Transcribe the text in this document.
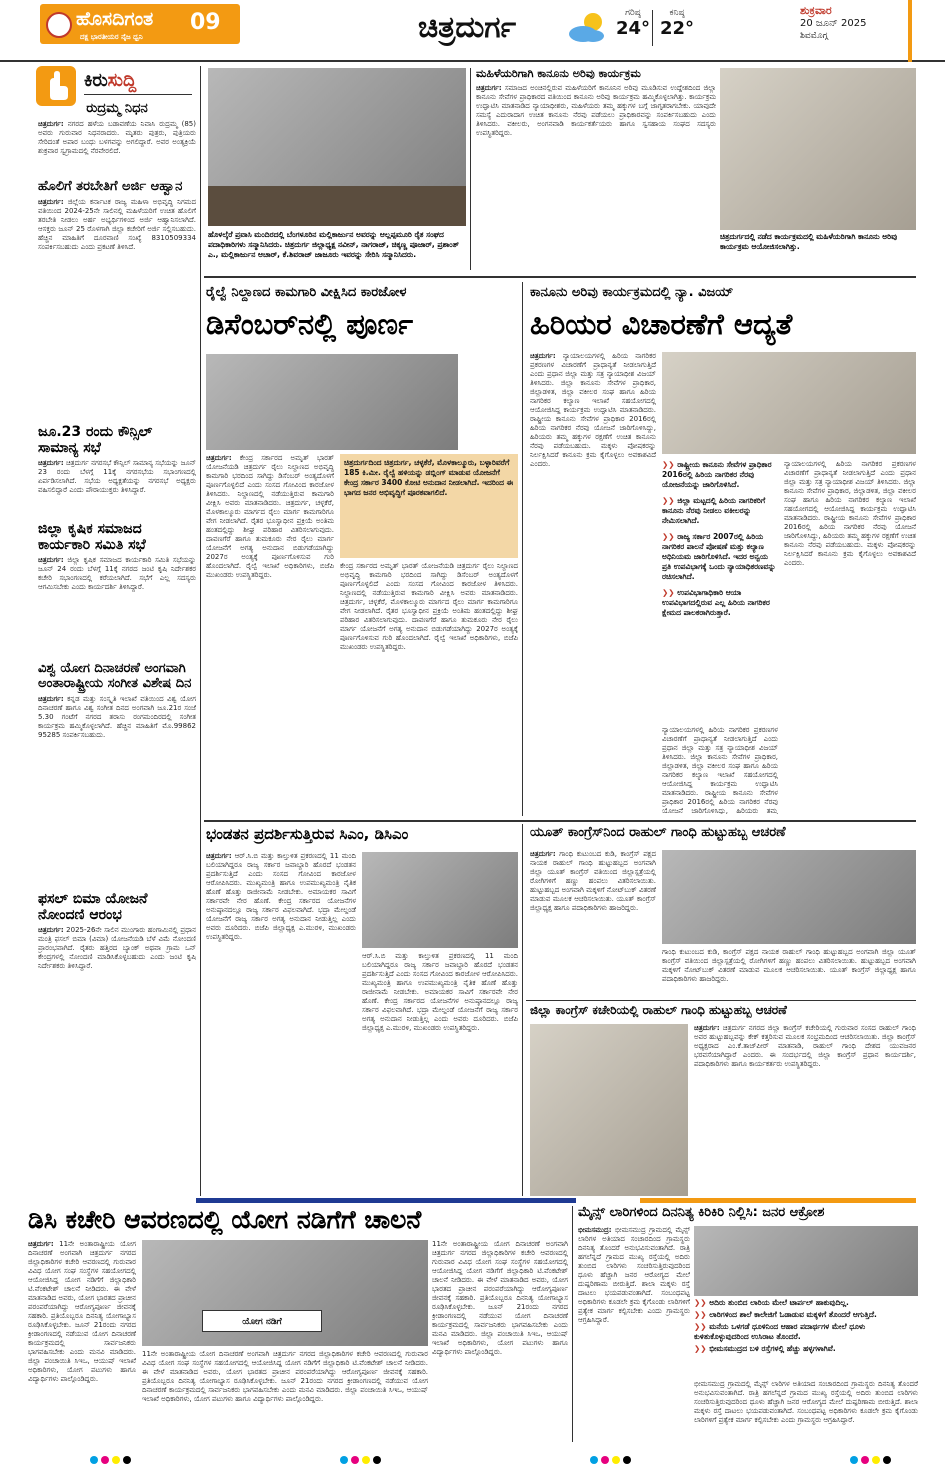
ಹೊಸದಿಗಂತ
ದಕ್ಷ ಭಾರತೀಯರ ನೈಜ ಧ್ವನಿ
09	ಚಿತ್ರದುರ್ಗ	ಗರಿಷ್ಠ
24°
ಕನಿಷ್ಠ
22°
ಶುಕ್ರವಾರ
20 ಜೂನ್ 2025
ಶಿವಮೊಗ್ಗ
ಕಿರುಸುದ್ದಿ
ರುದ್ರಮ್ಮ ನಿಧನ
ಚಿತ್ರದುರ್ಗ: ನಗರದ ಹಳೆಯ ಬಡಾವಣೆಯ ನಿವಾಸಿ ರುದ್ರಮ್ಮ (85) ಅವರು ಗುರುವಾರ ನಿಧನರಾದರು. ಮೃತರು ಪುತ್ರರು, ಪುತ್ರಿಯರು ಸೇರಿದಂತೆ ಅಪಾರ ಬಂಧು ಬಳಗವನ್ನು ಅಗಲಿದ್ದಾರೆ. ಅವರ ಅಂತ್ಯಕ್ರಿಯೆ ಶುಕ್ರವಾರ ಸ್ವಗ್ರಾಮದಲ್ಲಿ ನೆರವೇರಲಿದೆ.
ಹೊಲಿಗೆ ತರಬೇತಿಗೆ ಅರ್ಜಿ ಆಹ್ವಾನ
ಚಿತ್ರದುರ್ಗ: ಜಿಲ್ಲೆಯ ಕರ್ನಾಟಕ ರಾಜ್ಯ ಮಹಿಳಾ ಅಭಿವೃದ್ಧಿ ನಿಗಮದ ವತಿಯಿಂದ 2024-25ನೇ ಸಾಲಿನಲ್ಲಿ ಮಹಿಳೆಯರಿಗೆ ಉಚಿತ ಹೊಲಿಗೆ ತರಬೇತಿ ನೀಡಲು ಅರ್ಹ ಅಭ್ಯರ್ಥಿಗಳಿಂದ ಅರ್ಜಿ ಆಹ್ವಾನಿಸಲಾಗಿದೆ. ಆಸಕ್ತರು ಜೂನ್ 25 ರೊಳಗಾಗಿ ಜಿಲ್ಲಾ ಕಚೇರಿಗೆ ಅರ್ಜಿ ಸಲ್ಲಿಸಬಹುದು. ಹೆಚ್ಚಿನ ಮಾಹಿತಿಗೆ ದೂರವಾಣಿ ಸಂಖ್ಯೆ 8310509334 ಸಂಪರ್ಕಿಸಬಹುದು ಎಂದು ಪ್ರಕಟಣೆ ತಿಳಿಸಿದೆ.
ಜೂ.23 ರಂದು ಕೌನ್ಸಿಲ್ ಸಾಮಾನ್ಯ ಸಭೆ
ಚಿತ್ರದುರ್ಗ: ಚಿತ್ರದುರ್ಗ ನಗರಸಭೆ ಕೌನ್ಸಿಲ್ ಸಾಮಾನ್ಯ ಸಭೆಯನ್ನು ಜೂನ್ 23 ರಂದು ಬೆಳಗ್ಗೆ 11ಕ್ಕೆ ನಗರಸಭೆಯ ಸಭಾಂಗಣದಲ್ಲಿ ಏರ್ಪಡಿಸಲಾಗಿದೆ. ಸಭೆಯ ಅಧ್ಯಕ್ಷತೆಯನ್ನು ನಗರಸಭೆ ಅಧ್ಯಕ್ಷರು ವಹಿಸಲಿದ್ದಾರೆ ಎಂದು ಪೌರಾಯುಕ್ತರು ತಿಳಿಸಿದ್ದಾರೆ.
ಜಿಲ್ಲಾ ಕೃಷಿಕ ಸಮಾಜದ ಕಾರ್ಯಕಾರಿ ಸಮಿತಿ ಸಭೆ
ಚಿತ್ರದುರ್ಗ: ಜಿಲ್ಲಾ ಕೃಷಿಕ ಸಮಾಜದ ಕಾರ್ಯಕಾರಿ ಸಮಿತಿ ಸಭೆಯನ್ನು ಜೂನ್ 24 ರಂದು ಬೆಳಗ್ಗೆ 11ಕ್ಕೆ ನಗರದ ಜಂಟಿ ಕೃಷಿ ನಿರ್ದೇಶಕರ ಕಚೇರಿ ಸಭಾಂಗಣದಲ್ಲಿ ಕರೆಯಲಾಗಿದೆ. ಸಭೆಗೆ ಎಲ್ಲ ಸದಸ್ಯರು ಆಗಮಿಸಬೇಕು ಎಂದು ಕಾರ್ಯದರ್ಶಿ ತಿಳಿಸಿದ್ದಾರೆ.
ವಿಶ್ವ ಯೋಗ ದಿನಾಚರಣೆ ಅಂಗವಾಗಿ ಅಂತಾರಾಷ್ಟ್ರೀಯ ಸಂಗೀತ ವಿಶೇಷ ದಿನ
ಚಿತ್ರದುರ್ಗ: ಕನ್ನಡ ಮತ್ತು ಸಂಸ್ಕೃತಿ ಇಲಾಖೆ ವತಿಯಿಂದ ವಿಶ್ವ ಯೋಗ ದಿನಾಚರಣೆ ಹಾಗೂ ವಿಶ್ವ ಸಂಗೀತ ದಿನದ ಅಂಗವಾಗಿ ಜೂ.21ರ ಸಂಜೆ 5.30 ಗಂಟೆಗೆ ನಗರದ ತರಾಸು ರಂಗಮಂದಿರದಲ್ಲಿ ಸಂಗೀತ ಕಾರ್ಯಕ್ರಮ ಹಮ್ಮಿಕೊಳ್ಳಲಾಗಿದೆ. ಹೆಚ್ಚಿನ ಮಾಹಿತಿಗೆ ಮೊ.99862 95285 ಸಂಪರ್ಕಿಸಬಹುದು.
ಫಸಲ್ ಬಿಮಾ ಯೋಜನೆ ನೋಂದಣಿ ಆರಂಭ
ಚಿತ್ರದುರ್ಗ: 2025-26ನೇ ಸಾಲಿನ ಮುಂಗಾರು ಹಂಗಾಮಿನಲ್ಲಿ ಪ್ರಧಾನ ಮಂತ್ರಿ ಫಸಲ್ ಬಿಮಾ (ವಿಮಾ) ಯೋಜನೆಯಡಿ ಬೆಳೆ ವಿಮೆ ನೋಂದಣಿ ಪ್ರಾರಂಭವಾಗಿದೆ. ರೈತರು ಹತ್ತಿರದ ಬ್ಯಾಂಕ್ ಅಥವಾ ಗ್ರಾಮ ಒನ್ ಕೇಂದ್ರಗಳಲ್ಲಿ ನೋಂದಣಿ ಮಾಡಿಸಿಕೊಳ್ಳಬಹುದು ಎಂದು ಜಂಟಿ ಕೃಷಿ ನಿರ್ದೇಶಕರು ತಿಳಿಸಿದ್ದಾರೆ.
ಹೊಳಲ್ಕೆರೆ ಪ್ರವಾಸಿ ಮಂದಿರದಲ್ಲಿ ಬೆಂಗಳೂರಿನ ಮಲ್ಲಿಕಾರ್ಜುನ ಅವರನ್ನು ಆಲ್ಲಪ್ಪಮೂರಿ ರೈತ ಸಂಘದ ಪದಾಧಿಕಾರಿಗಳು ಸನ್ಮಾನಿಸಿದರು. ಚಿತ್ರದುರ್ಗ ಜಿಲ್ಲಾಧ್ಯಕ್ಷ ನವೀನ್, ನಾಗರಾಜ್, ಚಿಕ್ಕಣ್ಣ ಪೂಜಾರ್, ಪ್ರಶಾಂತ್ ಎ., ಮಲ್ಲಿಕಾರ್ಜುನ ಆಚಾರ್, ಕೆ.ಶಿವರಾಜ್ ಜಾಜೂರು ಇವರನ್ನು ಸೇರಿಸಿ ಸನ್ಮಾನಿಸಿದರು.
ಮಹಿಳೆಯರಿಗಾಗಿ ಕಾನೂನು ಅರಿವು ಕಾರ್ಯಕ್ರಮ
ಚಿತ್ರದುರ್ಗ: ಸಮಾಜದ ಅಂಚಿನಲ್ಲಿರುವ ಮಹಿಳೆಯರಿಗೆ ಕಾನೂನಿನ ಅರಿವು ಮೂಡಿಸುವ ಉದ್ದೇಶದಿಂದ ಜಿಲ್ಲಾ ಕಾನೂನು ಸೇವೆಗಳ ಪ್ರಾಧಿಕಾರದ ವತಿಯಿಂದ ಕಾನೂನು ಅರಿವು ಕಾರ್ಯಕ್ರಮ ಹಮ್ಮಿಕೊಳ್ಳಲಾಗಿತ್ತು. ಕಾರ್ಯಕ್ರಮ ಉದ್ಘಾಟಿಸಿ ಮಾತನಾಡಿದ ನ್ಯಾಯಾಧೀಶರು, ಮಹಿಳೆಯರು ತಮ್ಮ ಹಕ್ಕುಗಳ ಬಗ್ಗೆ ಜಾಗೃತರಾಗಬೇಕು. ಯಾವುದೇ ಸಮಸ್ಯೆ ಎದುರಾದಾಗ ಉಚಿತ ಕಾನೂನು ನೆರವು ಪಡೆಯಲು ಪ್ರಾಧಿಕಾರವನ್ನು ಸಂಪರ್ಕಿಸಬಹುದು ಎಂದು ತಿಳಿಸಿದರು. ವಕೀಲರು, ಅಂಗನವಾಡಿ ಕಾರ್ಯಕರ್ತೆಯರು ಹಾಗೂ ಸ್ವಸಹಾಯ ಸಂಘದ ಸದಸ್ಯರು ಉಪಸ್ಥಿತರಿದ್ದರು.
ಚಿತ್ರದುರ್ಗದಲ್ಲಿ ನಡೆದ ಕಾರ್ಯಕ್ರಮದಲ್ಲಿ ಮಹಿಳೆಯರಿಗಾಗಿ ಕಾನೂನು ಅರಿವು ಕಾರ್ಯಕ್ರಮ ಆಯೋಜಿಸಲಾಗಿತ್ತು.
ರೈಲ್ವೆ ನಿಲ್ದಾಣದ ಕಾಮಗಾರಿ ವೀಕ್ಷಿಸಿದ ಕಾರಜೋಳ
ಡಿಸೆಂಬರ್‌ನಲ್ಲಿ ಪೂರ್ಣ
ಚಿತ್ರದುರ್ಗದಿಂದ ಚಿತ್ರದುರ್ಗ, ಚಳ್ಳಕೆರೆ, ಮೊಳಕಾಲ್ಮೂರು, ಬಳ್ಳಾರಿವರೆಗೆ 185 ಕಿ.ಮೀ. ರೈಲ್ವೆ ಹಳಿಯನ್ನು ಡಬ್ಲಿಂಗ್ ಮಾಡುವ ಯೋಜನೆಗೆ ಕೇಂದ್ರ ಸರ್ಕಾರ 3400 ಕೋಟಿ ಅನುದಾನ ನೀಡಲಾಗಿದೆ. ಇದರಿಂದ ಈ ಭಾಗದ ಜನರ ಅಭಿವೃದ್ಧಿಗೆ ಪೂರಕವಾಗಲಿದೆ.
ಚಿತ್ರದುರ್ಗ: ಕೇಂದ್ರ ಸರ್ಕಾರದ ಅಮೃತ್ ಭಾರತ್ ಯೋಜನೆಯಡಿ ಚಿತ್ರದುರ್ಗ ರೈಲು ನಿಲ್ದಾಣದ ಅಭಿವೃದ್ಧಿ ಕಾಮಗಾರಿ ಭರದಿಂದ ಸಾಗಿದ್ದು ಡಿಸೆಂಬರ್ ಅಂತ್ಯದೊಳಗೆ ಪೂರ್ಣಗೊಳ್ಳಲಿದೆ ಎಂದು ಸಂಸದ ಗೋವಿಂದ ಕಾರಜೋಳ ತಿಳಿಸಿದರು. ನಿಲ್ದಾಣದಲ್ಲಿ ನಡೆಯುತ್ತಿರುವ ಕಾಮಗಾರಿ ವೀಕ್ಷಿಸಿ ಅವರು ಮಾತನಾಡಿದರು. ಚಿತ್ರದುರ್ಗ, ಚಳ್ಳಕೆರೆ, ಮೊಳಕಾಲ್ಮೂರು ಮಾರ್ಗದ ರೈಲು ಮಾರ್ಗ ಕಾಮಗಾರಿಗೂ ವೇಗ ನೀಡಲಾಗಿದೆ. ರೈತರ ಭೂಸ್ವಾಧೀನ ಪ್ರಕ್ರಿಯೆ ಅಂತಿಮ ಹಂತದಲ್ಲಿದ್ದು ಶೀಘ್ರ ಪರಿಹಾರ ವಿತರಿಸಲಾಗುವುದು. ದಾವಣಗೆರೆ ಹಾಗೂ ತುಮಕೂರು ನೇರ ರೈಲು ಮಾರ್ಗ ಯೋಜನೆಗೆ ಅಗತ್ಯ ಅನುದಾನ ಬಿಡುಗಡೆಯಾಗಿದ್ದು 2027ರ ಅಂತ್ಯಕ್ಕೆ ಪೂರ್ಣಗೊಳಿಸುವ ಗುರಿ ಹೊಂದಲಾಗಿದೆ. ರೈಲ್ವೆ ಇಲಾಖೆ ಅಧಿಕಾರಿಗಳು, ಬಿಜೆಪಿ ಮುಖಂಡರು ಉಪಸ್ಥಿತರಿದ್ದರು.
ಕೇಂದ್ರ ಸರ್ಕಾರದ ಅಮೃತ್ ಭಾರತ್ ಯೋಜನೆಯಡಿ ಚಿತ್ರದುರ್ಗ ರೈಲು ನಿಲ್ದಾಣದ ಅಭಿವೃದ್ಧಿ ಕಾಮಗಾರಿ ಭರದಿಂದ ಸಾಗಿದ್ದು ಡಿಸೆಂಬರ್ ಅಂತ್ಯದೊಳಗೆ ಪೂರ್ಣಗೊಳ್ಳಲಿದೆ ಎಂದು ಸಂಸದ ಗೋವಿಂದ ಕಾರಜೋಳ ತಿಳಿಸಿದರು. ನಿಲ್ದಾಣದಲ್ಲಿ ನಡೆಯುತ್ತಿರುವ ಕಾಮಗಾರಿ ವೀಕ್ಷಿಸಿ ಅವರು ಮಾತನಾಡಿದರು. ಚಿತ್ರದುರ್ಗ, ಚಳ್ಳಕೆರೆ, ಮೊಳಕಾಲ್ಮೂರು ಮಾರ್ಗದ ರೈಲು ಮಾರ್ಗ ಕಾಮಗಾರಿಗೂ ವೇಗ ನೀಡಲಾಗಿದೆ. ರೈತರ ಭೂಸ್ವಾಧೀನ ಪ್ರಕ್ರಿಯೆ ಅಂತಿಮ ಹಂತದಲ್ಲಿದ್ದು ಶೀಘ್ರ ಪರಿಹಾರ ವಿತರಿಸಲಾಗುವುದು. ದಾವಣಗೆರೆ ಹಾಗೂ ತುಮಕೂರು ನೇರ ರೈಲು ಮಾರ್ಗ ಯೋಜನೆಗೆ ಅಗತ್ಯ ಅನುದಾನ ಬಿಡುಗಡೆಯಾಗಿದ್ದು 2027ರ ಅಂತ್ಯಕ್ಕೆ ಪೂರ್ಣಗೊಳಿಸುವ ಗುರಿ ಹೊಂದಲಾಗಿದೆ. ರೈಲ್ವೆ ಇಲಾಖೆ ಅಧಿಕಾರಿಗಳು, ಬಿಜೆಪಿ ಮುಖಂಡರು ಉಪಸ್ಥಿತರಿದ್ದರು.
ಕಾನೂನು ಅರಿವು ಕಾರ್ಯಕ್ರಮದಲ್ಲಿ ನ್ಯಾ. ವಿಜಯ್
ಹಿರಿಯರ ವಿಚಾರಣೆಗೆ ಆದ್ಯತೆ
ಚಿತ್ರದುರ್ಗ: ನ್ಯಾಯಾಲಯಗಳಲ್ಲಿ ಹಿರಿಯ ನಾಗರಿಕರ ಪ್ರಕರಣಗಳ ವಿಚಾರಣೆಗೆ ಪ್ರಾಧಾನ್ಯತೆ ನೀಡಲಾಗುತ್ತಿದೆ ಎಂದು ಪ್ರಧಾನ ಜಿಲ್ಲಾ ಮತ್ತು ಸತ್ರ ನ್ಯಾಯಾಧೀಶ ವಿಜಯ್ ತಿಳಿಸಿದರು. ಜಿಲ್ಲಾ ಕಾನೂನು ಸೇವೆಗಳ ಪ್ರಾಧಿಕಾರ, ಜಿಲ್ಲಾಡಳಿತ, ಜಿಲ್ಲಾ ವಕೀಲರ ಸಂಘ ಹಾಗೂ ಹಿರಿಯ ನಾಗರಿಕರ ಕಲ್ಯಾಣ ಇಲಾಖೆ ಸಹಯೋಗದಲ್ಲಿ ಆಯೋಜಿಸಿದ್ದ ಕಾರ್ಯಕ್ರಮ ಉದ್ಘಾಟಿಸಿ ಮಾತನಾಡಿದರು. ರಾಷ್ಟ್ರೀಯ ಕಾನೂನು ಸೇವೆಗಳ ಪ್ರಾಧಿಕಾರ 2016ರಲ್ಲಿ ಹಿರಿಯ ನಾಗರಿಕರ ನೆರವು ಯೋಜನೆ ಜಾರಿಗೊಳಿಸಿದ್ದು, ಹಿರಿಯರು ತಮ್ಮ ಹಕ್ಕುಗಳ ರಕ್ಷಣೆಗೆ ಉಚಿತ ಕಾನೂನು ನೆರವು ಪಡೆಯಬಹುದು. ಮಕ್ಕಳು ಪೋಷಕರನ್ನು ನಿರ್ಲಕ್ಷಿಸಿದರೆ ಕಾನೂನು ಕ್ರಮ ಕೈಗೊಳ್ಳಲು ಅವಕಾಶವಿದೆ ಎಂದರು.
❯❯	ರಾಷ್ಟ್ರೀಯ ಕಾನೂನು ಸೇವೆಗಳ ಪ್ರಾಧಿಕಾರ 2016ರಲ್ಲಿ ಹಿರಿಯ ನಾಗರಿಕರ ನೆರವು ಯೋಜನೆಯನ್ನು ಜಾರಿಗೊಳಿಸಿದೆ.
❯❯ ಜಿಲ್ಲಾ ಮಟ್ಟದಲ್ಲಿ ಹಿರಿಯ ನಾಗರಿಕರಿಗೆ ಕಾನೂನು ನೆರವು ನೀಡಲು ವಕೀಲರನ್ನು ನೇಮಿಸಲಾಗಿದೆ.
❯❯ ರಾಜ್ಯ ಸರ್ಕಾರ 2007ರಲ್ಲಿ ಹಿರಿಯ ನಾಗರಿಕರ ಪಾಲನೆ ಪೋಷಣೆ ಮತ್ತು ಕಲ್ಯಾಣ ಅಧಿನಿಯಮ ಜಾರಿಗೊಳಿಸಿದೆ. ಇದರ ಅನ್ವಯ ಪ್ರತಿ ಉಪವಿಭಾಗಕ್ಕೆ ಒಂದು ನ್ಯಾಯಾಧಿಕರಣವನ್ನು ರಚಿಸಲಾಗಿದೆ.
❯❯ ಉಪವಿಭಾಗಾಧಿಕಾರಿ ಆಯಾ ಉಪವಿಭಾಗದಲ್ಲಿರುವ ಎಲ್ಲ ಹಿರಿಯ ನಾಗರಿಕರ ಕ್ಷೇಮದ ಪಾಲಕರಾಗಿರುತ್ತಾರೆ.
ನ್ಯಾಯಾಲಯಗಳಲ್ಲಿ ಹಿರಿಯ ನಾಗರಿಕರ ಪ್ರಕರಣಗಳ ವಿಚಾರಣೆಗೆ ಪ್ರಾಧಾನ್ಯತೆ ನೀಡಲಾಗುತ್ತಿದೆ ಎಂದು ಪ್ರಧಾನ ಜಿಲ್ಲಾ ಮತ್ತು ಸತ್ರ ನ್ಯಾಯಾಧೀಶ ವಿಜಯ್ ತಿಳಿಸಿದರು. ಜಿಲ್ಲಾ ಕಾನೂನು ಸೇವೆಗಳ ಪ್ರಾಧಿಕಾರ, ಜಿಲ್ಲಾಡಳಿತ, ಜಿಲ್ಲಾ ವಕೀಲರ ಸಂಘ ಹಾಗೂ ಹಿರಿಯ ನಾಗರಿಕರ ಕಲ್ಯಾಣ ಇಲಾಖೆ ಸಹಯೋಗದಲ್ಲಿ ಆಯೋಜಿಸಿದ್ದ ಕಾರ್ಯಕ್ರಮ ಉದ್ಘಾಟಿಸಿ ಮಾತನಾಡಿದರು. ರಾಷ್ಟ್ರೀಯ ಕಾನೂನು ಸೇವೆಗಳ ಪ್ರಾಧಿಕಾರ 2016ರಲ್ಲಿ ಹಿರಿಯ ನಾಗರಿಕರ ನೆರವು ಯೋಜನೆ ಜಾರಿಗೊಳಿಸಿದ್ದು, ಹಿರಿಯರು ತಮ್ಮ ಹಕ್ಕುಗಳ ರಕ್ಷಣೆಗೆ ಉಚಿತ ಕಾನೂನು ನೆರವು ಪಡೆಯಬಹುದು. ಮಕ್ಕಳು ಪೋಷಕರನ್ನು ನಿರ್ಲಕ್ಷಿಸಿದರೆ ಕಾನೂನು ಕ್ರಮ ಕೈಗೊಳ್ಳಲು ಅವಕಾಶವಿದೆ ಎಂದರು.
ನ್ಯಾಯಾಲಯಗಳಲ್ಲಿ ಹಿರಿಯ ನಾಗರಿಕರ ಪ್ರಕರಣಗಳ ವಿಚಾರಣೆಗೆ ಪ್ರಾಧಾನ್ಯತೆ ನೀಡಲಾಗುತ್ತಿದೆ ಎಂದು ಪ್ರಧಾನ ಜಿಲ್ಲಾ ಮತ್ತು ಸತ್ರ ನ್ಯಾಯಾಧೀಶ ವಿಜಯ್ ತಿಳಿಸಿದರು. ಜಿಲ್ಲಾ ಕಾನೂನು ಸೇವೆಗಳ ಪ್ರಾಧಿಕಾರ, ಜಿಲ್ಲಾಡಳಿತ, ಜಿಲ್ಲಾ ವಕೀಲರ ಸಂಘ ಹಾಗೂ ಹಿರಿಯ ನಾಗರಿಕರ ಕಲ್ಯಾಣ ಇಲಾಖೆ ಸಹಯೋಗದಲ್ಲಿ ಆಯೋಜಿಸಿದ್ದ ಕಾರ್ಯಕ್ರಮ ಉದ್ಘಾಟಿಸಿ ಮಾತನಾಡಿದರು. ರಾಷ್ಟ್ರೀಯ ಕಾನೂನು ಸೇವೆಗಳ ಪ್ರಾಧಿಕಾರ 2016ರಲ್ಲಿ ಹಿರಿಯ ನಾಗರಿಕರ ನೆರವು ಯೋಜನೆ ಜಾರಿಗೊಳಿಸಿದ್ದು, ಹಿರಿಯರು ತಮ್ಮ
ಭಂಡತನ ಪ್ರದರ್ಶಿಸುತ್ತಿರುವ ಸಿಎಂ, ಡಿಸಿಎಂ
ಚಿತ್ರದುರ್ಗ: ಆರ್.ಸಿ.ಬಿ ಮತ್ತು ಕಾಲ್ತುಳಿತ ಪ್ರಕರಣದಲ್ಲಿ 11 ಮಂದಿ ಬಲಿಯಾಗಿದ್ದರೂ ರಾಜ್ಯ ಸರ್ಕಾರ ಜವಾಬ್ದಾರಿ ಹೊರದೆ ಭಂಡತನ ಪ್ರದರ್ಶಿಸುತ್ತಿದೆ ಎಂದು ಸಂಸದ ಗೋವಿಂದ ಕಾರಜೋಳ ಆರೋಪಿಸಿದರು. ಮುಖ್ಯಮಂತ್ರಿ ಹಾಗೂ ಉಪಮುಖ್ಯಮಂತ್ರಿ ನೈತಿಕ ಹೊಣೆ ಹೊತ್ತು ರಾಜೀನಾಮೆ ನೀಡಬೇಕು. ಅಮಾಯಕರ ಸಾವಿಗೆ ಸರ್ಕಾರವೇ ನೇರ ಹೊಣೆ. ಕೇಂದ್ರ ಸರ್ಕಾರದ ಯೋಜನೆಗಳ ಅನುಷ್ಠಾನದಲ್ಲೂ ರಾಜ್ಯ ಸರ್ಕಾರ ವಿಫಲವಾಗಿದೆ. ಭದ್ರಾ ಮೇಲ್ದಂಡೆ ಯೋಜನೆಗೆ ರಾಜ್ಯ ಸರ್ಕಾರ ಅಗತ್ಯ ಅನುದಾನ ನೀಡುತ್ತಿಲ್ಲ ಎಂದು ಅವರು ದೂರಿದರು. ಬಿಜೆಪಿ ಜಿಲ್ಲಾಧ್ಯಕ್ಷ ಎ.ಮುರಳಿ, ಮುಖಂಡರು ಉಪಸ್ಥಿತರಿದ್ದರು.
ಆರ್.ಸಿ.ಬಿ ಮತ್ತು ಕಾಲ್ತುಳಿತ ಪ್ರಕರಣದಲ್ಲಿ 11 ಮಂದಿ ಬಲಿಯಾಗಿದ್ದರೂ ರಾಜ್ಯ ಸರ್ಕಾರ ಜವಾಬ್ದಾರಿ ಹೊರದೆ ಭಂಡತನ ಪ್ರದರ್ಶಿಸುತ್ತಿದೆ ಎಂದು ಸಂಸದ ಗೋವಿಂದ ಕಾರಜೋಳ ಆರೋಪಿಸಿದರು. ಮುಖ್ಯಮಂತ್ರಿ ಹಾಗೂ ಉಪಮುಖ್ಯಮಂತ್ರಿ ನೈತಿಕ ಹೊಣೆ ಹೊತ್ತು ರಾಜೀನಾಮೆ ನೀಡಬೇಕು. ಅಮಾಯಕರ ಸಾವಿಗೆ ಸರ್ಕಾರವೇ ನೇರ ಹೊಣೆ. ಕೇಂದ್ರ ಸರ್ಕಾರದ ಯೋಜನೆಗಳ ಅನುಷ್ಠಾನದಲ್ಲೂ ರಾಜ್ಯ ಸರ್ಕಾರ ವಿಫಲವಾಗಿದೆ. ಭದ್ರಾ ಮೇಲ್ದಂಡೆ ಯೋಜನೆಗೆ ರಾಜ್ಯ ಸರ್ಕಾರ ಅಗತ್ಯ ಅನುದಾನ ನೀಡುತ್ತಿಲ್ಲ ಎಂದು ಅವರು ದೂರಿದರು. ಬಿಜೆಪಿ ಜಿಲ್ಲಾಧ್ಯಕ್ಷ ಎ.ಮುರಳಿ, ಮುಖಂಡರು ಉಪಸ್ಥಿತರಿದ್ದರು.
ಯೂತ್ ಕಾಂಗ್ರೆಸ್‌ನಿಂದ ರಾಹುಲ್ ಗಾಂಧಿ ಹುಟ್ಟುಹಬ್ಬ ಆಚರಣೆ
ಚಿತ್ರದುರ್ಗ: ಗಾಂಧಿ ಕುಟುಂಬದ ಕುಡಿ, ಕಾಂಗ್ರೆಸ್ ಪಕ್ಷದ ನಾಯಕ ರಾಹುಲ್ ಗಾಂಧಿ ಹುಟ್ಟುಹಬ್ಬದ ಅಂಗವಾಗಿ ಜಿಲ್ಲಾ ಯೂತ್ ಕಾಂಗ್ರೆಸ್ ವತಿಯಿಂದ ಜಿಲ್ಲಾಸ್ಪತ್ರೆಯಲ್ಲಿ ರೋಗಿಗಳಿಗೆ ಹಣ್ಣು ಹಂಪಲು ವಿತರಿಸಲಾಯಿತು. ಹುಟ್ಟುಹಬ್ಬದ ಅಂಗವಾಗಿ ಮಕ್ಕಳಿಗೆ ನೋಟ್‌ಬುಕ್ ವಿತರಣೆ ಮಾಡುವ ಮೂಲಕ ಆಚರಿಸಲಾಯಿತು. ಯೂತ್ ಕಾಂಗ್ರೆಸ್ ಜಿಲ್ಲಾಧ್ಯಕ್ಷ ಹಾಗೂ ಪದಾಧಿಕಾರಿಗಳು ಹಾಜರಿದ್ದರು.
ಗಾಂಧಿ ಕುಟುಂಬದ ಕುಡಿ, ಕಾಂಗ್ರೆಸ್ ಪಕ್ಷದ ನಾಯಕ ರಾಹುಲ್ ಗಾಂಧಿ ಹುಟ್ಟುಹಬ್ಬದ ಅಂಗವಾಗಿ ಜಿಲ್ಲಾ ಯೂತ್ ಕಾಂಗ್ರೆಸ್ ವತಿಯಿಂದ ಜಿಲ್ಲಾಸ್ಪತ್ರೆಯಲ್ಲಿ ರೋಗಿಗಳಿಗೆ ಹಣ್ಣು ಹಂಪಲು ವಿತರಿಸಲಾಯಿತು. ಹುಟ್ಟುಹಬ್ಬದ ಅಂಗವಾಗಿ ಮಕ್ಕಳಿಗೆ ನೋಟ್‌ಬುಕ್ ವಿತರಣೆ ಮಾಡುವ ಮೂಲಕ ಆಚರಿಸಲಾಯಿತು. ಯೂತ್ ಕಾಂಗ್ರೆಸ್ ಜಿಲ್ಲಾಧ್ಯಕ್ಷ ಹಾಗೂ ಪದಾಧಿಕಾರಿಗಳು ಹಾಜರಿದ್ದರು.
ಜಿಲ್ಲಾ ಕಾಂಗ್ರೆಸ್ ಕಚೇರಿಯಲ್ಲಿ ರಾಹುಲ್ ಗಾಂಧಿ ಹುಟ್ಟುಹಬ್ಬ ಆಚರಣೆ
ಚಿತ್ರದುರ್ಗ: ಚಿತ್ರದುರ್ಗ ನಗರದ ಜಿಲ್ಲಾ ಕಾಂಗ್ರೆಸ್ ಕಚೇರಿಯಲ್ಲಿ ಗುರುವಾರ ಸಂಸದ ರಾಹುಲ್ ಗಾಂಧಿ ಅವರ ಹುಟ್ಟುಹಬ್ಬವನ್ನು ಕೇಕ್ ಕತ್ತರಿಸುವ ಮೂಲಕ ಸಂಭ್ರಮದಿಂದ ಆಚರಿಸಲಾಯಿತು. ಜಿಲ್ಲಾ ಕಾಂಗ್ರೆಸ್ ಅಧ್ಯಕ್ಷರಾದ ಎಂ.ಕೆ.ತಾಜ್‌ಪೀರ್ ಮಾತನಾಡಿ, ರಾಹುಲ್ ಗಾಂಧಿ ದೇಶದ ಯುವಜನರ ಭರವಸೆಯಾಗಿದ್ದಾರೆ ಎಂದರು. ಈ ಸಂದರ್ಭದಲ್ಲಿ ಜಿಲ್ಲಾ ಕಾಂಗ್ರೆಸ್ ಪ್ರಧಾನ ಕಾರ್ಯದರ್ಶಿ, ಪದಾಧಿಕಾರಿಗಳು ಹಾಗೂ ಕಾರ್ಯಕರ್ತರು ಉಪಸ್ಥಿತರಿದ್ದರು.
ಡಿಸಿ ಕಚೇರಿ ಆವರಣದಲ್ಲಿ ಯೋಗ ನಡಿಗೆಗೆ ಚಾಲನೆ
ಚಿತ್ರದುರ್ಗ: 11ನೇ ಅಂತಾರಾಷ್ಟ್ರೀಯ ಯೋಗ ದಿನಾಚರಣೆ ಅಂಗವಾಗಿ ಚಿತ್ರದುರ್ಗ ನಗರದ ಜಿಲ್ಲಾಧಿಕಾರಿಗಳ ಕಚೇರಿ ಆವರಣದಲ್ಲಿ ಗುರುವಾರ ವಿವಿಧ ಯೋಗ ಸಂಘ ಸಂಸ್ಥೆಗಳ ಸಹಯೋಗದಲ್ಲಿ ಆಯೋಜಿಸಿದ್ದ ಯೋಗ ನಡಿಗೆಗೆ ಜಿಲ್ಲಾಧಿಕಾರಿ ಟಿ.ವೆಂಕಟೇಶ್ ಚಾಲನೆ ನೀಡಿದರು. ಈ ವೇಳೆ ಮಾತನಾಡಿದ ಅವರು, ಯೋಗ ಭಾರತದ ಪ್ರಾಚೀನ ಪರಂಪರೆಯಾಗಿದ್ದು ಆರೋಗ್ಯಪೂರ್ಣ ಜೀವನಕ್ಕೆ ಸಹಕಾರಿ. ಪ್ರತಿಯೊಬ್ಬರೂ ದಿನನಿತ್ಯ ಯೋಗಾಭ್ಯಾಸ ರೂಢಿಸಿಕೊಳ್ಳಬೇಕು. ಜೂನ್ 21ರಂದು ನಗರದ ಕ್ರೀಡಾಂಗಣದಲ್ಲಿ ನಡೆಯುವ ಯೋಗ ದಿನಾಚರಣೆ ಕಾರ್ಯಕ್ರಮದಲ್ಲಿ ಸಾರ್ವಜನಿಕರು ಭಾಗವಹಿಸಬೇಕು ಎಂದು ಮನವಿ ಮಾಡಿದರು. ಜಿಲ್ಲಾ ಪಂಚಾಯಿತಿ ಸಿಇಒ, ಆಯುಷ್ ಇಲಾಖೆ ಅಧಿಕಾರಿಗಳು, ಯೋಗ ಪಟುಗಳು ಹಾಗೂ ವಿದ್ಯಾರ್ಥಿಗಳು ಪಾಲ್ಗೊಂಡಿದ್ದರು.
ಯೋಗ ನಡಿಗೆ
11ನೇ ಅಂತಾರಾಷ್ಟ್ರೀಯ ಯೋಗ ದಿನಾಚರಣೆ ಅಂಗವಾಗಿ ಚಿತ್ರದುರ್ಗ ನಗರದ ಜಿಲ್ಲಾಧಿಕಾರಿಗಳ ಕಚೇರಿ ಆವರಣದಲ್ಲಿ ಗುರುವಾರ ವಿವಿಧ ಯೋಗ ಸಂಘ ಸಂಸ್ಥೆಗಳ ಸಹಯೋಗದಲ್ಲಿ ಆಯೋಜಿಸಿದ್ದ ಯೋಗ ನಡಿಗೆಗೆ ಜಿಲ್ಲಾಧಿಕಾರಿ ಟಿ.ವೆಂಕಟೇಶ್ ಚಾಲನೆ ನೀಡಿದರು. ಈ ವೇಳೆ ಮಾತನಾಡಿದ ಅವರು, ಯೋಗ ಭಾರತದ ಪ್ರಾಚೀನ ಪರಂಪರೆಯಾಗಿದ್ದು ಆರೋಗ್ಯಪೂರ್ಣ ಜೀವನಕ್ಕೆ ಸಹಕಾರಿ. ಪ್ರತಿಯೊಬ್ಬರೂ ದಿನನಿತ್ಯ ಯೋಗಾಭ್ಯಾಸ ರೂಢಿಸಿಕೊಳ್ಳಬೇಕು. ಜೂನ್ 21ರಂದು ನಗರದ ಕ್ರೀಡಾಂಗಣದಲ್ಲಿ ನಡೆಯುವ ಯೋಗ ದಿನಾಚರಣೆ ಕಾರ್ಯಕ್ರಮದಲ್ಲಿ ಸಾರ್ವಜನಿಕರು ಭಾಗವಹಿಸಬೇಕು ಎಂದು ಮನವಿ ಮಾಡಿದರು. ಜಿಲ್ಲಾ ಪಂಚಾಯಿತಿ ಸಿಇಒ, ಆಯುಷ್ ಇಲಾಖೆ ಅಧಿಕಾರಿಗಳು, ಯೋಗ ಪಟುಗಳು ಹಾಗೂ ವಿದ್ಯಾರ್ಥಿಗಳು ಪಾಲ್ಗೊಂಡಿದ್ದರು.
11ನೇ ಅಂತಾರಾಷ್ಟ್ರೀಯ ಯೋಗ ದಿನಾಚರಣೆ ಅಂಗವಾಗಿ ಚಿತ್ರದುರ್ಗ ನಗರದ ಜಿಲ್ಲಾಧಿಕಾರಿಗಳ ಕಚೇರಿ ಆವರಣದಲ್ಲಿ ಗುರುವಾರ ವಿವಿಧ ಯೋಗ ಸಂಘ ಸಂಸ್ಥೆಗಳ ಸಹಯೋಗದಲ್ಲಿ ಆಯೋಜಿಸಿದ್ದ ಯೋಗ ನಡಿಗೆಗೆ ಜಿಲ್ಲಾಧಿಕಾರಿ ಟಿ.ವೆಂಕಟೇಶ್ ಚಾಲನೆ ನೀಡಿದರು. ಈ ವೇಳೆ ಮಾತನಾಡಿದ ಅವರು, ಯೋಗ ಭಾರತದ ಪ್ರಾಚೀನ ಪರಂಪರೆಯಾಗಿದ್ದು ಆರೋಗ್ಯಪೂರ್ಣ ಜೀವನಕ್ಕೆ ಸಹಕಾರಿ. ಪ್ರತಿಯೊಬ್ಬರೂ ದಿನನಿತ್ಯ ಯೋಗಾಭ್ಯಾಸ ರೂಢಿಸಿಕೊಳ್ಳಬೇಕು. ಜೂನ್ 21ರಂದು ನಗರದ ಕ್ರೀಡಾಂಗಣದಲ್ಲಿ ನಡೆಯುವ ಯೋಗ ದಿನಾಚರಣೆ ಕಾರ್ಯಕ್ರಮದಲ್ಲಿ ಸಾರ್ವಜನಿಕರು ಭಾಗವಹಿಸಬೇಕು ಎಂದು ಮನವಿ ಮಾಡಿದರು. ಜಿಲ್ಲಾ ಪಂಚಾಯಿತಿ ಸಿಇಒ, ಆಯುಷ್ ಇಲಾಖೆ ಅಧಿಕಾರಿಗಳು, ಯೋಗ ಪಟುಗಳು ಹಾಗೂ ವಿದ್ಯಾರ್ಥಿಗಳು ಪಾಲ್ಗೊಂಡಿದ್ದರು.
ಮೈನ್ಸ್ ಲಾರಿಗಳಿಂದ ದಿನನಿತ್ಯ ಕಿರಿಕಿರಿ ನಿಲ್ಲಿಸಿ: ಜನರ ಆಕ್ರೋಶ
ಭೀಮಸಮುದ್ರ: ಭೀಮಸಮುದ್ರ ಗ್ರಾಮದಲ್ಲಿ ಮೈನ್ಸ್ ಲಾರಿಗಳ ಅತಿಯಾದ ಸಂಚಾರದಿಂದ ಗ್ರಾಮಸ್ಥರು ದಿನನಿತ್ಯ ತೊಂದರೆ ಅನುಭವಿಸುವಂತಾಗಿದೆ. ರಾತ್ರಿ ಹಗಲೆನ್ನದೆ ಗ್ರಾಮದ ಮುಖ್ಯ ರಸ್ತೆಯಲ್ಲಿ ಅದಿರು ತುಂಬಿದ ಲಾರಿಗಳು ಸಂಚರಿಸುತ್ತಿರುವುದರಿಂದ ಧೂಳು ಹೆಚ್ಚಾಗಿ ಜನರ ಆರೋಗ್ಯದ ಮೇಲೆ ದುಷ್ಪರಿಣಾಮ ಬೀರುತ್ತಿದೆ. ಶಾಲಾ ಮಕ್ಕಳು ರಸ್ತೆ ದಾಟಲು ಭಯಪಡುವಂತಾಗಿದೆ. ಸಂಬಂಧಪಟ್ಟ ಅಧಿಕಾರಿಗಳು ಕೂಡಲೇ ಕ್ರಮ ಕೈಗೊಂಡು ಲಾರಿಗಳಿಗೆ ಪ್ರತ್ಯೇಕ ಮಾರ್ಗ ಕಲ್ಪಿಸಬೇಕು ಎಂದು ಗ್ರಾಮಸ್ಥರು ಆಗ್ರಹಿಸಿದ್ದಾರೆ.
❯❯ ಅದಿರು ತುಂಬಿದ ಲಾರಿಯ ಮೇಲೆ ಟಾರ್ಪಲ್ ಹಾಕುವುದಿಲ್ಲ.
❯❯ ಲಾರಿಗಳಿಂದ ಶಾಲೆ ಕಾಲೇಜಿಗೆ ಓಡಾಡುವ ಮಕ್ಕಳಿಗೆ ತೊಂದರೆ ಆಗುತ್ತಿದೆ.
❯❯ ಮನೆಯ ಒಳಗಡೆ ಧೂಳಿನಿಂದ ಆಹಾರ ಪದಾರ್ಥಗಳ ಮೇಲೆ ಧೂಳು ಕುಳಿತುಕೊಳ್ಳುವುದರಿಂದ ಉಸಿರಾಟ ತೊಂದರೆ.
❯❯ ಭೀಮಸಮುದ್ರದ ಬಳಿ ರಸ್ತೆಗಳಲ್ಲಿ ಹೆಚ್ಚು ಹಳ್ಳಗಳಾಗಿವೆ.
ಭೀಮಸಮುದ್ರ ಗ್ರಾಮದಲ್ಲಿ ಮೈನ್ಸ್ ಲಾರಿಗಳ ಅತಿಯಾದ ಸಂಚಾರದಿಂದ ಗ್ರಾಮಸ್ಥರು ದಿನನಿತ್ಯ ತೊಂದರೆ ಅನುಭವಿಸುವಂತಾಗಿದೆ. ರಾತ್ರಿ ಹಗಲೆನ್ನದೆ ಗ್ರಾಮದ ಮುಖ್ಯ ರಸ್ತೆಯಲ್ಲಿ ಅದಿರು ತುಂಬಿದ ಲಾರಿಗಳು ಸಂಚರಿಸುತ್ತಿರುವುದರಿಂದ ಧೂಳು ಹೆಚ್ಚಾಗಿ ಜನರ ಆರೋಗ್ಯದ ಮೇಲೆ ದುಷ್ಪರಿಣಾಮ ಬೀರುತ್ತಿದೆ. ಶಾಲಾ ಮಕ್ಕಳು ರಸ್ತೆ ದಾಟಲು ಭಯಪಡುವಂತಾಗಿದೆ. ಸಂಬಂಧಪಟ್ಟ ಅಧಿಕಾರಿಗಳು ಕೂಡಲೇ ಕ್ರಮ ಕೈಗೊಂಡು ಲಾರಿಗಳಿಗೆ ಪ್ರತ್ಯೇಕ ಮಾರ್ಗ ಕಲ್ಪಿಸಬೇಕು ಎಂದು ಗ್ರಾಮಸ್ಥರು ಆಗ್ರಹಿಸಿದ್ದಾರೆ.
